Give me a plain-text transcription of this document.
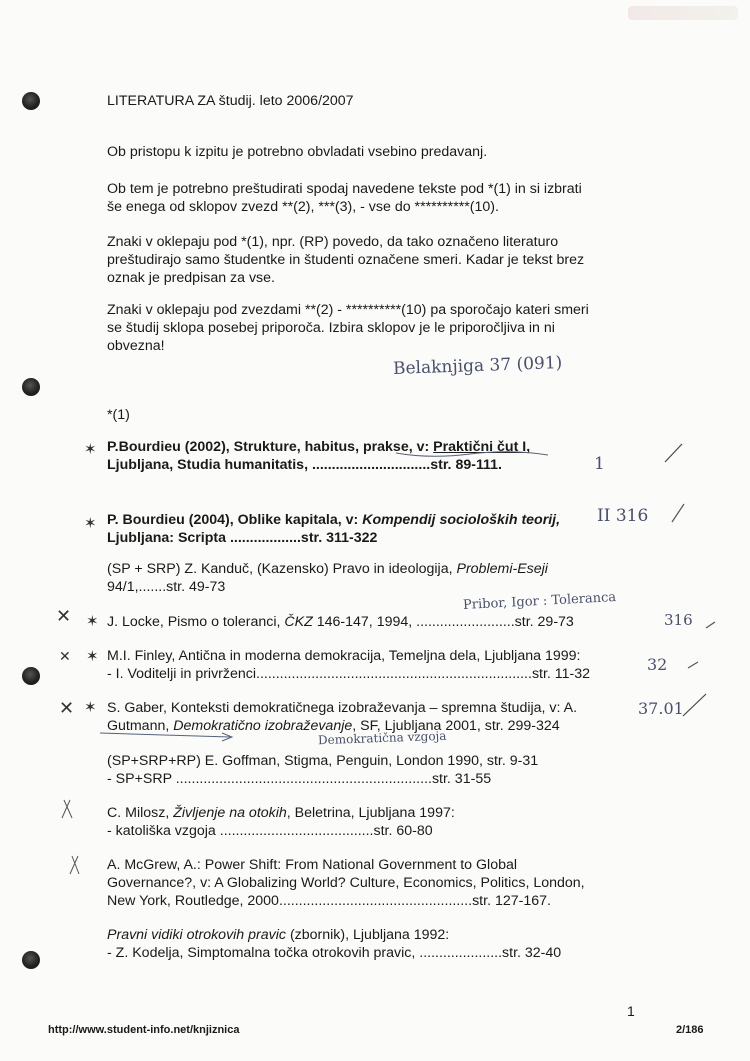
LITERATURA ZA študij. leto 2006/2007
Ob pristopu k izpitu je potrebno obvladati vsebino predavanj.
Ob tem je potrebno preštudirati spodaj navedene tekste pod *(1) in si izbrati
še enega od sklopov zvezd **(2), ***(3), - vse do **********(10).
Znaki v oklepaju pod *(1), npr. (RP) povedo, da tako označeno literaturo
preštudirajo samo študentke in študenti označene smeri. Kadar je tekst brez
oznak je predpisan za vse.
Znaki v oklepaju pod zvezdami **(2) - **********(10) pa sporočajo kateri smeri
se študij sklopa posebej priporoča. Izbira sklopov je le priporočljiva in ni
obvezna!
*(1)
P.Bourdieu (2002), Strukture, habitus, prakse, v: Praktični čut I,
Ljubljana, Studia humanitatis, ..............................str. 89-111.
P. Bourdieu (2004), Oblike kapitala, v: Kompendij socioloških teorij,
Ljubljana: Scripta ..................str. 311-322
(SP + SRP) Z. Kanduč, (Kazensko) Pravo in ideologija, Problemi-Eseji
94/1,.......str. 49-73
J. Locke, Pismo o toleranci, ČKZ 146-147, 1994, .........................str. 29-73
M.I. Finley, Antična in moderna demokracija, Temeljna dela, Ljubljana 1999:
- I. Voditelji in privrženci......................................................................str. 11-32
S. Gaber, Konteksti demokratičnega izobraževanja – spremna študija, v: A.
Gutmann, Demokratično izobraževanje, SF, Ljubljana 2001, str. 299-324
(SP+SRP+RP) E. Goffman, Stigma, Penguin, London 1990, str. 9-31
- SP+SRP .................................................................str. 31-55
C. Milosz, Življenje na otokih, Beletrina, Ljubljana 1997:
- katoliška vzgoja .......................................str. 60-80
A. McGrew, A.: Power Shift: From National Government to Global
Governance?, v: A Globalizing World? Culture, Economics, Politics, London,
New York, Routledge, 2000.................................................str. 127-167.
Pravni vidiki otrokovih pravic (zbornik), Ljubljana 1992:
- Z. Kodelja, Simptomalna točka otrokovih pravic, .....................str. 32-40
Belaknjiga 37 (091)
1
II 316
Pribor, Igor : Toleranca
316
32
37.01
Demokratična vzgoja
✶
✶
✕ ✶
✕ ✶
✕ ✶
1
http://www.student-info.net/knjiznica	2/186
